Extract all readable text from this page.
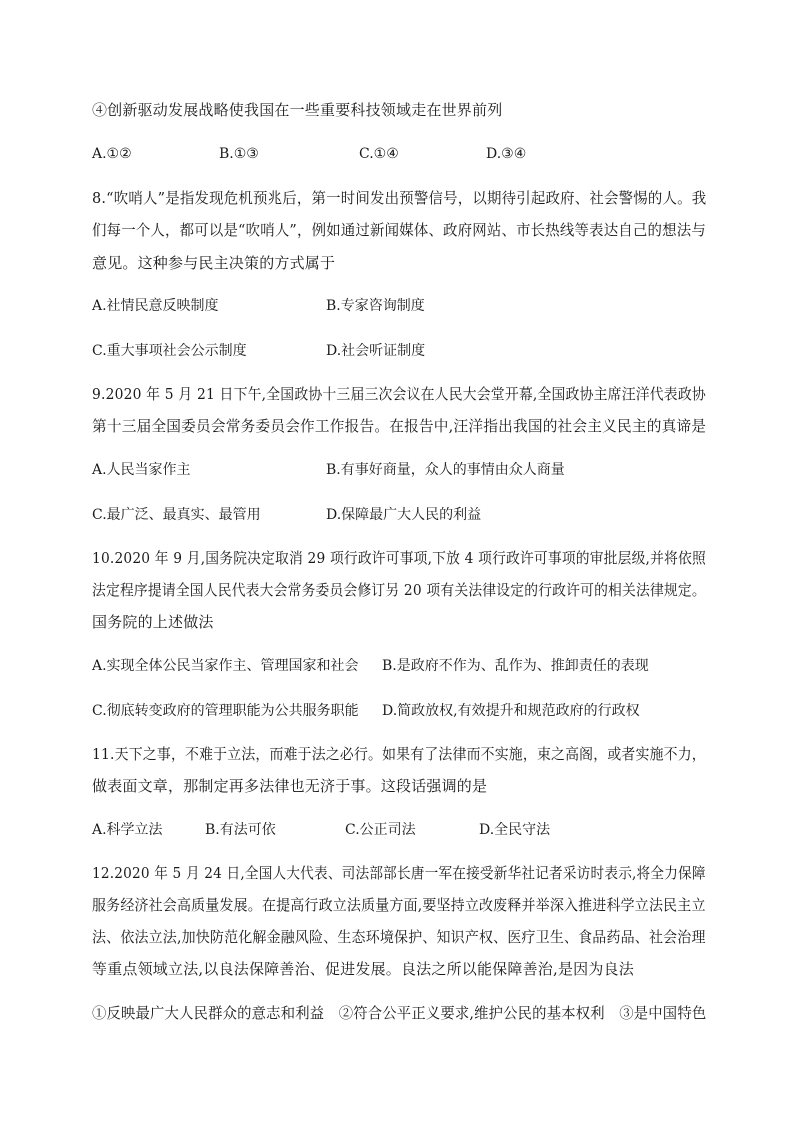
④创新驱动发展战略使我国在一些重要科技领域走在世界前列
A.①②	B.①③	C.①④	D.③④
8.“吹哨人”是指发现危机预兆后，第一时间发出预警信号，以期待引起政府、社会警惕的人。我
们每一个人，都可以是“吹哨人”，例如通过新闻媒体、政府网站、市长热线等表达自己的想法与
意见。这种参与民主决策的方式属于
A.社情民意反映制度	B.专家咨询制度
C.重大事项社会公示制度	D.社会听证制度
9.2020 年 5 月 21 日下午,全国政协十三届三次会议在人民大会堂开幕,全国政协主席汪洋代表政协
第十三届全国委员会常务委员会作工作报告。在报告中,汪洋指出我国的社会主义民主的真谛是
A.人民当家作主	B.有事好商量，众人的事情由众人商量
C.最广泛、最真实、最管用	D.保障最广大人民的利益
10.2020 年 9 月,国务院决定取消 29 项行政许可事项,下放 4 项行政许可事项的审批层级,并将依照
法定程序提请全国人民代表大会常务委员会修订另 20 项有关法律设定的行政许可的相关法律规定。
国务院的上述做法
A.实现全体公民当家作主、管理国家和社会 B.是政府不作为、乱作为、推卸责任的表现
C.彻底转变政府的管理职能为公共服务职能 D.简政放权,有效提升和规范政府的行政权
11.天下之事，不难于立法，而难于法之必行。如果有了法律而不实施，束之高阁，或者实施不力，
做表面文章，那制定再多法律也无济于事。这段话强调的是
A.科学立法	B.有法可依	C.公正司法	D.全民守法
12.2020 年 5 月 24 日,全国人大代表、司法部部长唐一军在接受新华社记者采访时表示,将全力保障
服务经济社会高质量发展。在提高行政立法质量方面,要坚持立改废释并举深入推进科学立法民主立
法、依法立法,加快防范化解金融风险、生态环境保护、知识产权、医疗卫生、食品药品、社会治理
等重点领域立法,以良法保障善治、促进发展。良法之所以能保障善治,是因为良法
①反映最广大人民群众的意志和利益　②符合公平正义要求,维护公民的基本权利　③是中国特色
